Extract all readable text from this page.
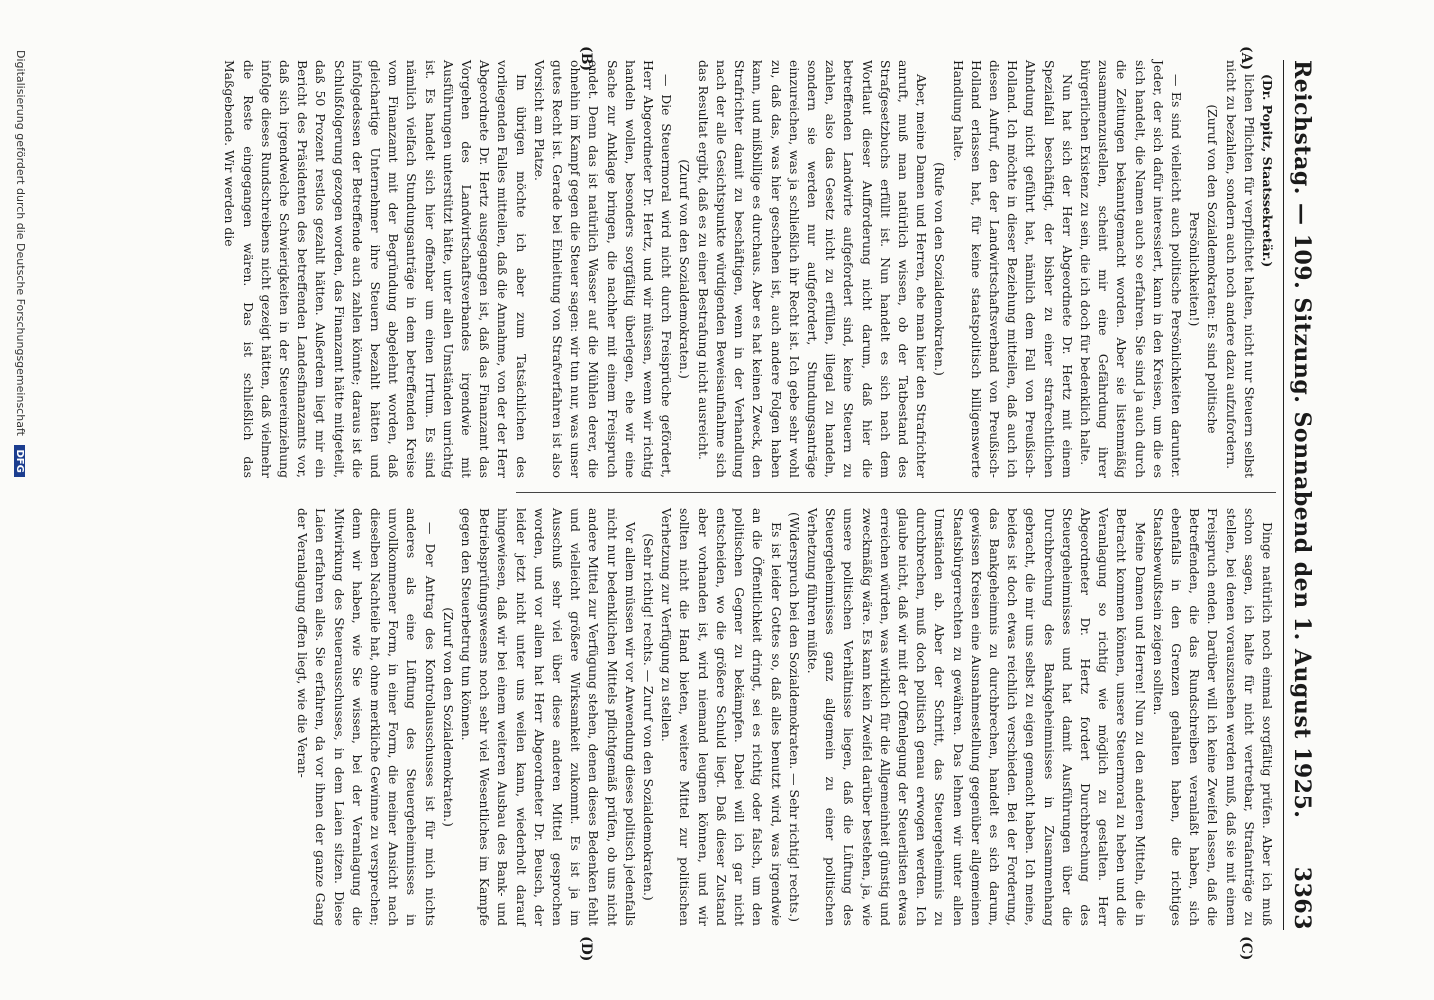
Reichstag. — 109. Sitzung. Sonnabend den 1. August 1925.
3363
(A)
(B)
(C)
(D)

(Dr. Popitz, Staatssekretär.)

lichen Pflichten für verpflichtet halten, nicht nur Steuern selbst nicht zu bezahlen, sondern auch noch andere dazu aufzufordern.

(Zuruf von den Sozialdemokraten: Es sind politische Persönlichkeiten!)

— Es sind vielleicht auch politische Persönlichkeiten darunter. Jeder, der sich dafür interessiert, kann in den Kreisen, um die es sich handelt, die Namen auch so erfahren. Sie sind ja auch durch die Zeitungen bekanntgemacht worden. Aber sie listenmäßig zusammenzustellen, scheint mir eine Gefährdung ihrer bürgerlichen Existenz zu sein, die ich doch für bedenklich halte.

Nun hat sich der Herr Abgeordnete Dr. Hertz mit einem Spezialfall beschäftigt, der bisher zu einer strafrechtlichen Ahndung nicht geführt hat, nämlich dem Fall von Preußisch-Holland. Ich möchte in dieser Beziehung mitteilen, daß auch ich diesen Aufruf, den der Landwirtschaftsverband von Preußisch-Holland erlassen hat, für keine staatspolitisch billigenswerte Handlung halte.

(Rufe von den Sozialdemokraten.)

Aber, meine Damen und Herren, ehe man hier den Strafrichter anruft, muß man natürlich wissen, ob der Tatbestand des Strafgesetzbuchs erfüllt ist. Nun handelt es sich nach dem Wortlaut dieser Aufforderung nicht darum, daß hier die betreffenden Landwirte aufgefordert sind, keine Steuern zu zahlen, also das Gesetz nicht zu erfüllen, illegal zu handeln, sondern sie werden nur aufgefordert, Stundungsanträge einzureichen, was ja schließlich ihr Recht ist. Ich gebe sehr wohl zu, daß das, was hier geschehen ist, auch andere Folgen haben kann, und mißbillige es durchaus. Aber es hat keinen Zweck, den Strafrichter damit zu beschäftigen, wenn in der Verhandlung nach der alle Gesichtspunkte würdigenden Beweisaufnahme sich das Resultat ergibt, daß es zu einer Bestrafung nicht ausreicht.

(Zuruf von den Sozialdemokraten.)

— Die Steuermoral wird nicht durch Freisprüche gefördert, Herr Abgeordneter Dr. Hertz, und wir müssen, wenn wir richtig handeln wollen, besonders sorgfältig überlegen, ehe wir eine Sache zur Anklage bringen, die nachher mit einem Freispruch endet. Denn das ist natürlich Wasser auf die Mühlen derer, die ohnehin im Kampf gegen die Steuer sagen: wir tun nur, was unser gutes Recht ist. Gerade bei Einleitung von Strafverfahren ist also Vorsicht am Platze.

Im übrigen möchte ich aber zum Tatsächlichen des vorliegenden Falles mitteilen, daß die Annahme, von der der Herr Abgeordnete Dr. Hertz ausgegangen ist, daß das Finanzamt das Vorgehen des Landwirtschaftsverbandes irgendwie mit Ausführungen unterstützt hätte, unter allen Umständen unrichtig ist. Es handelt sich hier offenbar um einen Irrtum. Es sind nämlich vielfach Stundungsanträge in dem betreffenden Kreise vom Finanzamt mit der Begründung abgelehnt worden, daß gleichartige Unternehmer ihre Steuern bezahlt hätten und infolgedessen der Betreffende auch zahlen könnte; daraus ist die Schlußfolgerung gezogen worden, das Finanzamt hätte mitgeteilt, daß 50 Prozent restlos gezahlt hätten. Außerdem liegt mir ein Bericht des Präsidenten des betreffenden Landesfinanzamts vor, daß sich irgendwelche Schwierigkeiten in der Steuereinziehung infolge dieses Rundschreibens nicht gezeigt hätten, daß vielmehr die Reste eingegangen wären. Das ist schließlich das Maßgebende. Wir werden die

Dinge natürlich noch einmal sorgfältig prüfen. Aber ich muß schon sagen, ich halte für nicht vertretbar, Strafanträge zu stellen, bei denen vorauszusehen werden muß, daß sie mit einem Freispruch enden. Darüber will ich keine Zweifel lassen, daß die Betreffenden, die das Rundschreiben veranlaßt haben, sich ebenfalls in den Grenzen gehalten haben, die richtiges Staatsbewußtsein zeigen sollten.

Meine Damen und Herren! Nun zu den anderen Mitteln, die in Betracht kommen können, unsere Steuermoral zu heben und die Veranlagung so richtig wie möglich zu gestalten. Herr Abgeordneter Dr. Hertz fordert Durchbrechung des Steuergeheimnisses und hat damit Ausführungen über die Durchbrechung des Bankgeheimnisses in Zusammenhang gebracht, die mir uns selbst zu eigen gemacht haben. Ich meine, beides ist doch etwas reichlich verschieden. Bei der Forderung, das Bankgeheimnis zu durchbrechen, handelt es sich darum, gewissen Kreisen eine Ausnahmestellung gegenüber allgemeinen Staatsbürgerrechten zu gewähren. Das lehnen wir unter allen Umständen ab. Aber der Schritt, das Steuergeheimnis zu durchbrechen, muß doch politisch genau erwogen werden. Ich glaube nicht, daß wir mit der Offenlegung der Steuerlisten etwas erreichen würden, was wirklich für die Allgemeinheit günstig und zweckmäßig wäre. Es kann kein Zweifel darüber bestehen, ja, wie unsere politischen Verhältnisse liegen, daß die Lüftung des Steuergeheimnisses ganz allgemein zu einer politischen Verhetzung führen müßte.

(Widerspruch bei den Sozialdemokraten. — Sehr richtig! rechts.)

Es ist leider Gottes so, daß alles benutzt wird, was irgendwie an die Öffentlichkeit dringt, sei es richtig oder falsch, um den politischen Gegner zu bekämpfen. Dabei will ich gar nicht entscheiden, wo die größere Schuld liegt. Daß dieser Zustand aber vorhanden ist, wird niemand leugnen können, und wir sollten nicht die Hand bieten, weitere Mittel zur politischen Verhetzung zur Verfügung zu stellen.

(Sehr richtig! rechts. — Zuruf von den Sozialdemokraten.)

Vor allem müssen wir vor Anwendung dieses politisch jedenfalls nicht nur bedenklichen Mittels pflichtgemäß prüfen, ob uns nicht andere Mittel zur Verfügung stehen, denen dieses Bedenken fehlt und vielleicht größere Wirksamkeit zukommt. Es ist ja im Ausschuß sehr viel über diese anderen Mittel gesprochen worden, und vor allem hat Herr Abgeordneter Dr. Beusch, der leider jetzt nicht unter uns weilen kann, wiederholt darauf hingewiesen, daß wir bei einem weiteren Ausbau des Bank- und Betriebsprüfungswesens noch sehr viel Wesentliches im Kampfe gegen den Steuerbetrug tun können.

(Zuruf von den Sozialdemokraten.)

— Der Antrag des Kontrollausschusses ist für mich nichts anderes als eine Lüftung des Steuergeheimnisses in unvollkommener Form, in einer Form, die meiner Ansicht nach dieselben Nachteile hat, ohne merkliche Gewinne zu versprechen; denn wir haben, wie Sie wissen, bei der Veranlagung die Mitwirkung des Steuerausschusses, in dem Laien sitzen. Diese Laien erfahren alles. Sie erfahren, da vor ihnen der ganze Gang der Veranlagung offen liegt, wie die Veran-

Digitalisierung gefördert durch die Deutsche Forschungsgemeinschaft DFG
